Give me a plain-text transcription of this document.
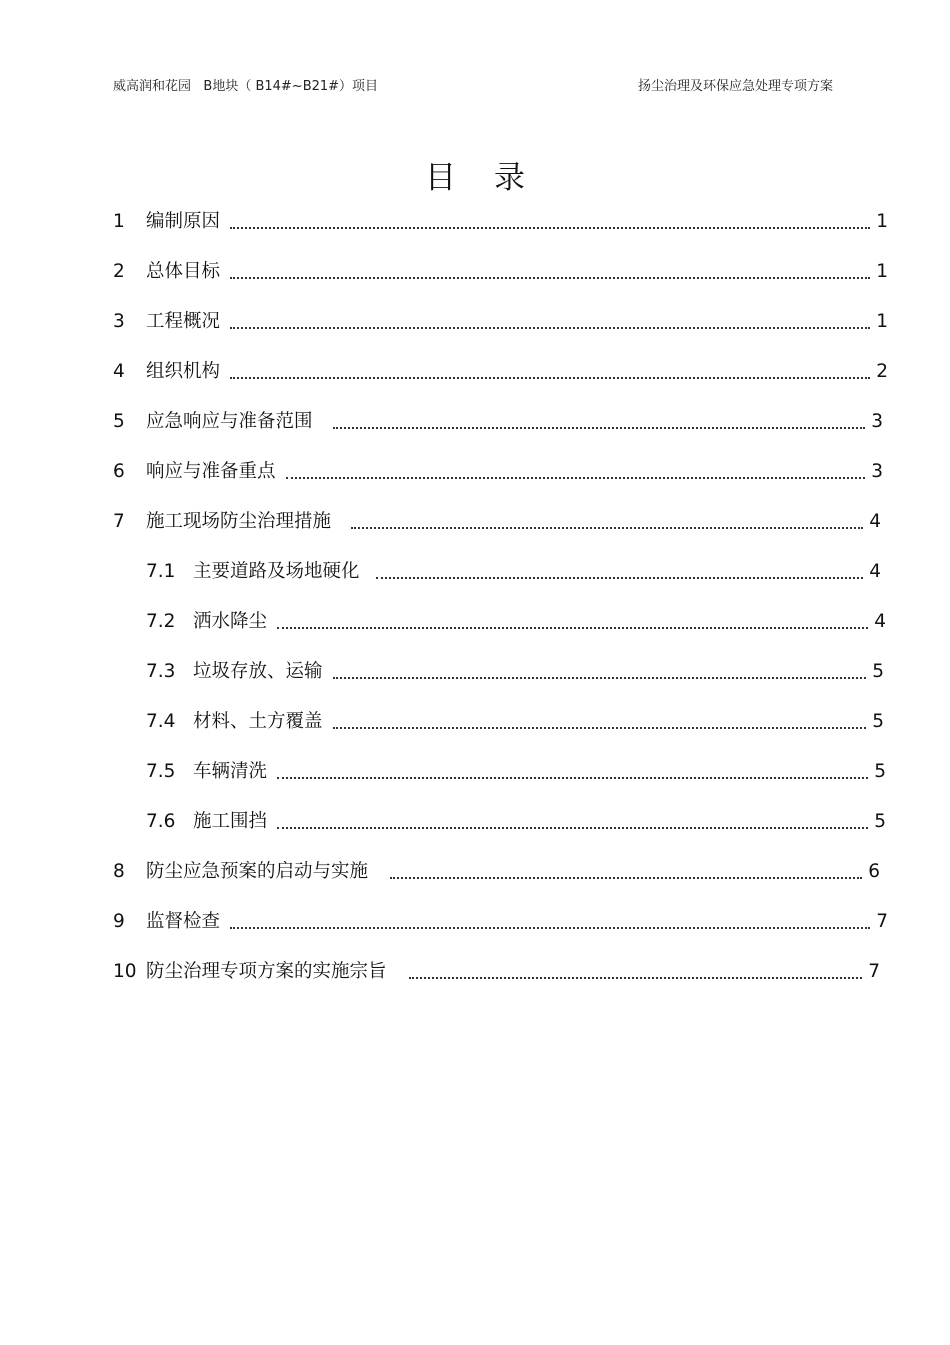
威高润和花园   B地块（ B14#~B21#）项目	扬尘治理及环保应急处理专项方案
目录
1	编制原因	1
2	总体目标	1
3	工程概况	1
4	组织机构	2
5	应急响应与准备范围	3
6	响应与准备重点	3
7	施工现场防尘治理措施	4
7.1 主要道路及场地硬化	4
7.2 洒水降尘	4
7.3 垃圾存放、运输	5
7.4 材料、土方覆盖	5
7.5 车辆清洗	5
7.6 施工围挡	5
8	防尘应急预案的启动与实施	6
9	监督检查	7
10 防尘治理专项方案的实施宗旨	7
